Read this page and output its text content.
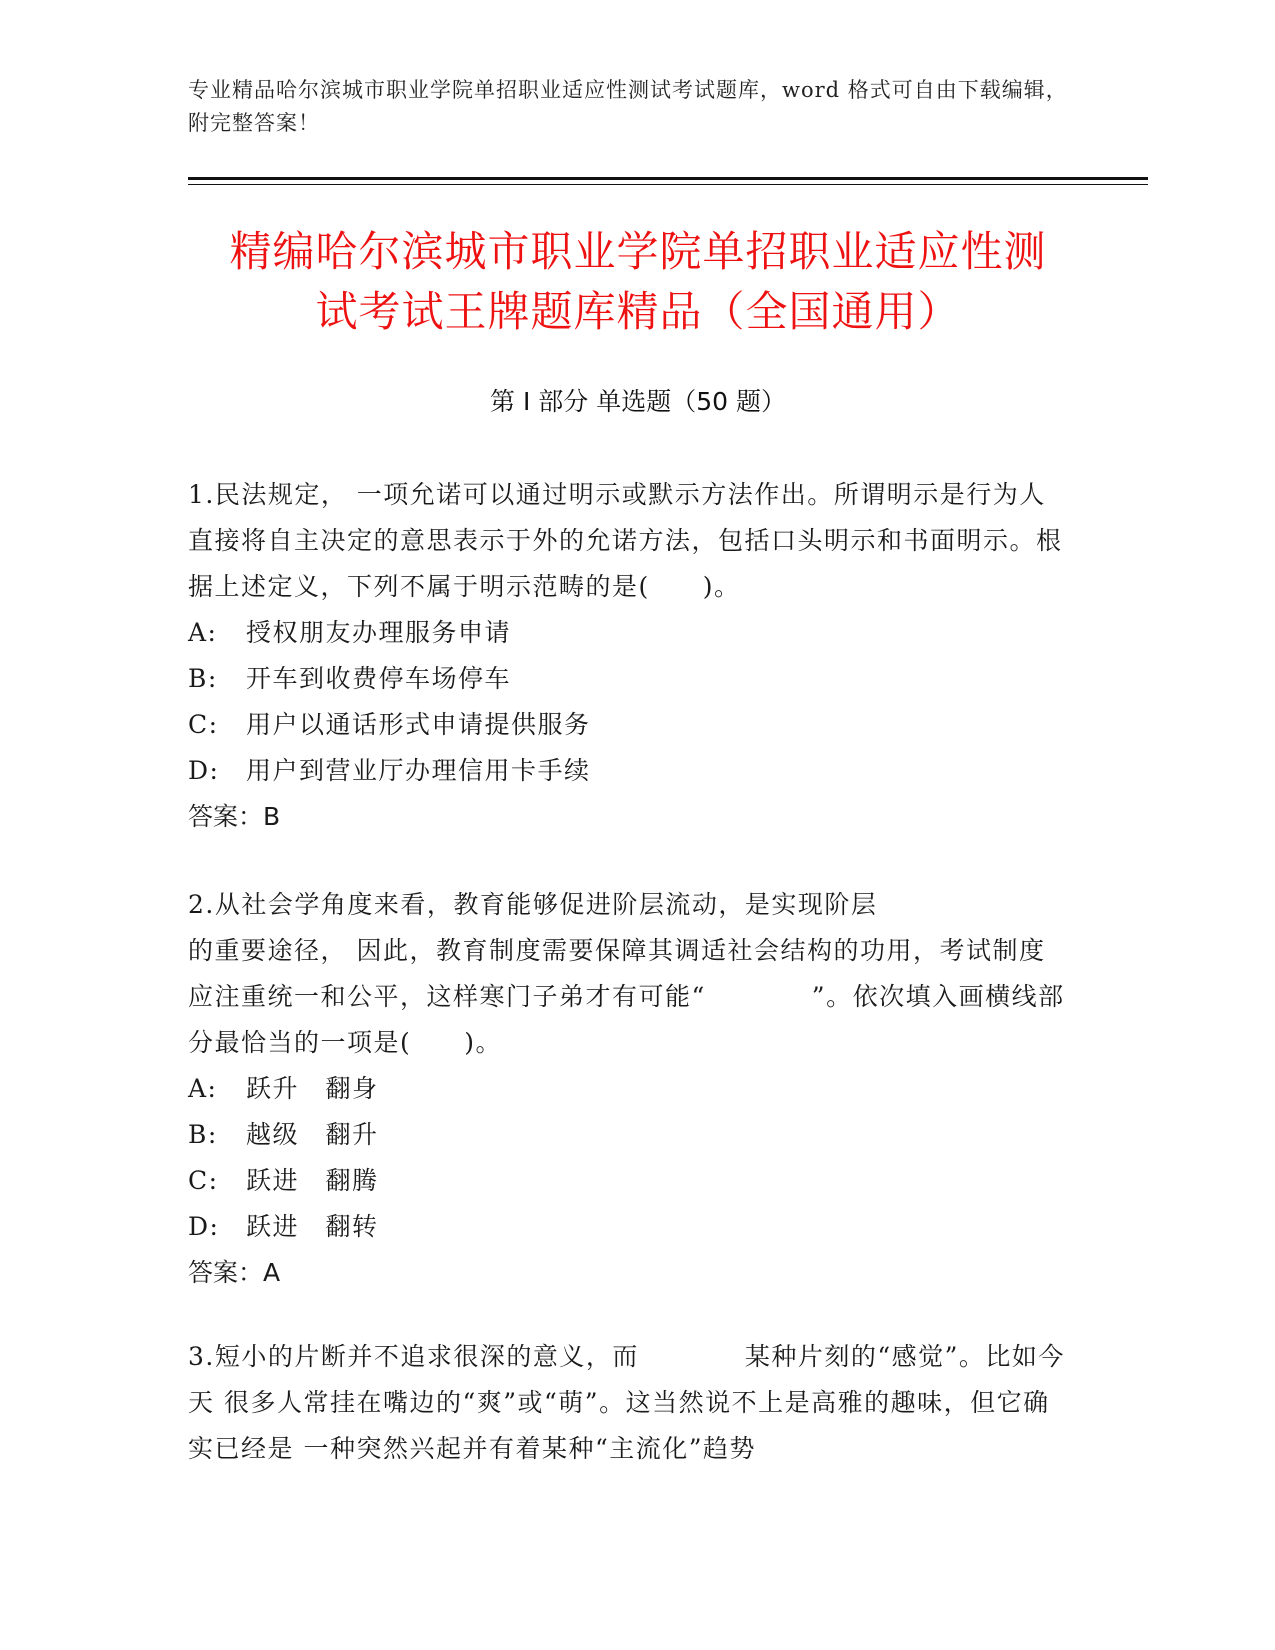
专业精品哈尔滨城市职业学院单招职业适应性测试考试题库，word 格式可自由下载编辑，附完整答案！
精编哈尔滨城市职业学院单招职业适应性测
试考试王牌题库精品（全国通用）
第 I 部分 单选题（50 题）

1.民法规定， 一项允诺可以通过明示或默示方法作出。所谓明示是行为人直接将自主决定的意思表示于外的允诺方法，包括口头明示和书面明示。根据上述定义，下列不属于明示范畴的是(　　)。

A: 授权朋友办理服务申请

B: 开车到收费停车场停车

C: 用户以通话形式申请提供服务

D: 用户到营业厅办理信用卡手续

答案：B

2.从社会学角度来看，教育能够促进阶层流动，是实现阶层

的重要途径， 因此，教育制度需要保障其调适社会结构的功用，考试制度应注重统一和公平，这样寒门子弟才有可能“　　　　”。依次填入画横线部分最恰当的一项是(　　)。

A: 跃升　翻身

B: 越级　翻升

C: 跃进　翻腾

D: 跃进　翻转

答案：A

3.短小的片断并不追求很深的意义，而　　　　某种片刻的“感觉”。比如今天 很多人常挂在嘴边的“爽”或“萌”。这当然说不上是高雅的趣味，但它确实已经是 一种突然兴起并有着某种“主流化”趋势
